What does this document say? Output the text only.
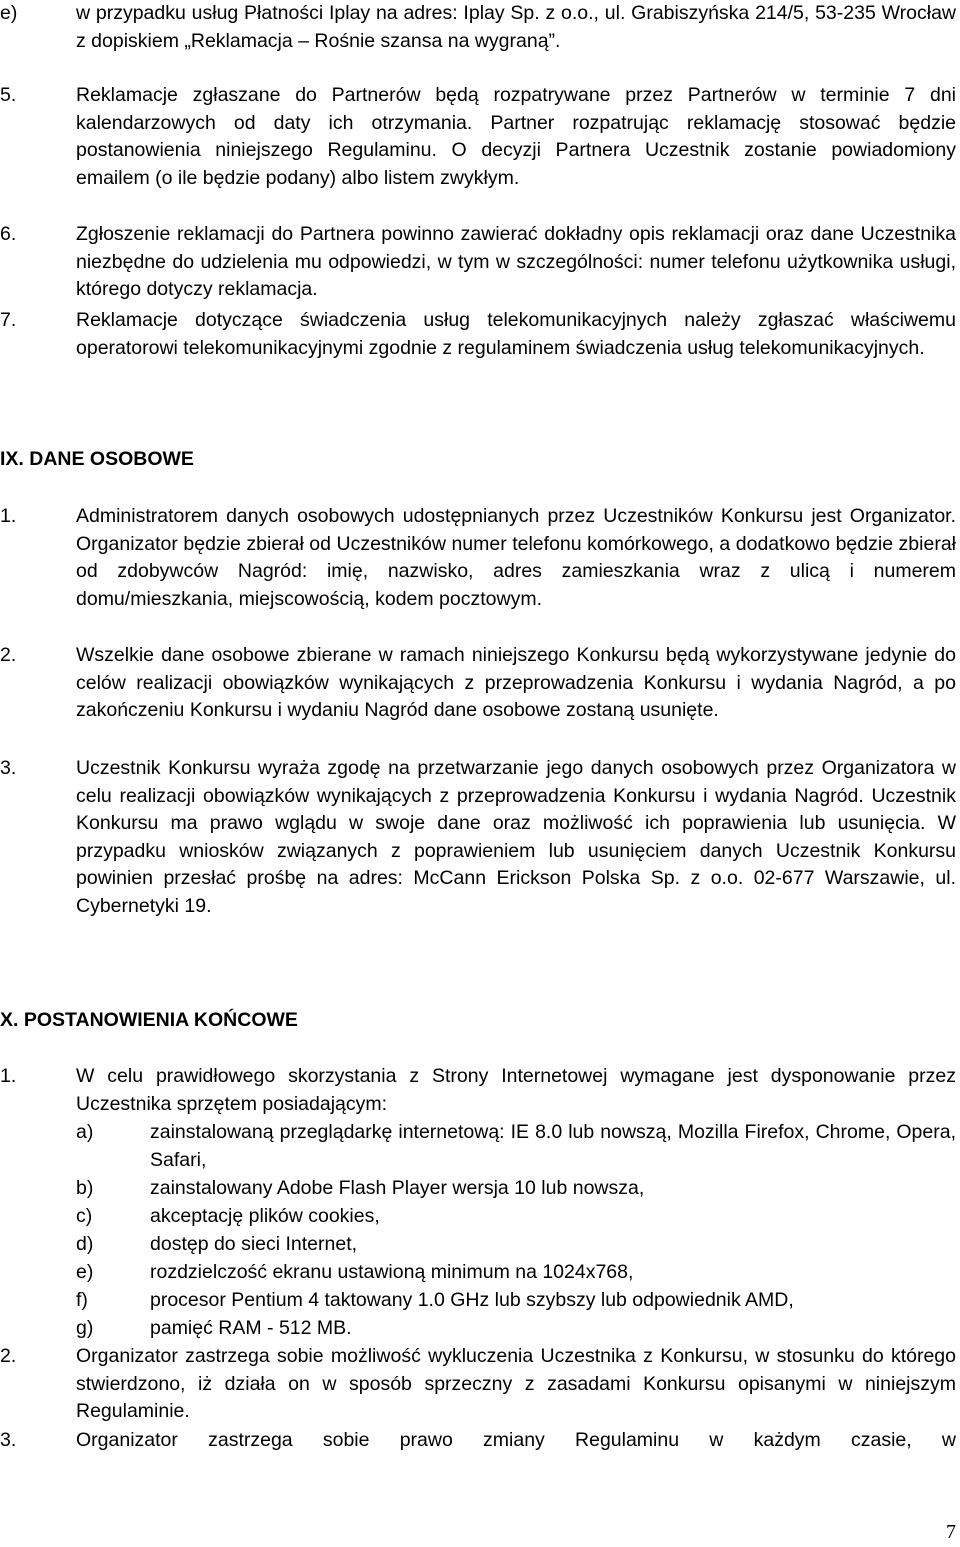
e)	w przypadku usług Płatności Iplay na adres: Iplay Sp. z o.o., ul. Grabiszyńska 214/5, 53-235 Wrocław z dopiskiem „Reklamacja – Rośnie szansa na wygraną”.
5.	Reklamacje zgłaszane do Partnerów będą rozpatrywane przez Partnerów w terminie 7 dni kalendarzowych od daty ich otrzymania. Partner rozpatrując reklamację stosować będzie postanowienia niniejszego Regulaminu. O decyzji Partnera Uczestnik zostanie powiadomiony emailem (o ile będzie podany) albo listem zwykłym.
6.	Zgłoszenie reklamacji do Partnera powinno zawierać dokładny opis reklamacji oraz dane Uczestnika niezbędne do udzielenia mu odpowiedzi, w tym w szczególności: numer telefonu użytkownika usługi, którego dotyczy reklamacja.
7.	Reklamacje dotyczące świadczenia usług telekomunikacyjnych należy zgłaszać właściwemu operatorowi telekomunikacyjnymi zgodnie z regulaminem świadczenia usług telekomunikacyjnych.
IX. DANE OSOBOWE
1.	Administratorem danych osobowych udostępnianych przez Uczestników Konkursu jest Organizator. Organizator będzie zbierał od Uczestników numer telefonu komórkowego, a dodatkowo będzie zbierał od zdobywców Nagród: imię, nazwisko, adres zamieszkania wraz z ulicą i numerem domu/mieszkania, miejscowością, kodem pocztowym.
2.	Wszelkie dane osobowe zbierane w ramach niniejszego Konkursu będą wykorzystywane jedynie do celów realizacji obowiązków wynikających z przeprowadzenia Konkursu i wydania Nagród, a po zakończeniu Konkursu i wydaniu Nagród dane osobowe zostaną usunięte.
3.	Uczestnik Konkursu wyraża zgodę na przetwarzanie jego danych osobowych przez Organizatora w celu realizacji obowiązków wynikających z przeprowadzenia Konkursu i wydania Nagród. Uczestnik Konkursu ma prawo wglądu w swoje dane oraz możliwość ich poprawienia lub usunięcia. W przypadku wniosków związanych z poprawieniem lub usunięciem danych Uczestnik Konkursu powinien przesłać prośbę na adres: McCann Erickson Polska Sp. z o.o. 02-677 Warszawie, ul. Cybernetyki 19.
X. POSTANOWIENIA KOŃCOWE
1.	W celu prawidłowego skorzystania z Strony Internetowej wymagane jest dysponowanie przez Uczestnika sprzętem posiadającym:
a)	zainstalowaną przeglądarkę internetową: IE 8.0 lub nowszą, Mozilla Firefox, Chrome, Opera, Safari,
b)	zainstalowany Adobe Flash Player wersja 10 lub nowsza,
c)	akceptację plików cookies,
d)	dostęp do sieci Internet,
e)	rozdzielczość ekranu ustawioną minimum na 1024x768,
f)	procesor Pentium 4 taktowany 1.0 GHz lub szybszy lub odpowiednik AMD,
g)	pamięć RAM - 512 MB.
2.	Organizator zastrzega sobie możliwość wykluczenia Uczestnika z Konkursu, w stosunku do którego stwierdzono, iż działa on w sposób sprzeczny z zasadami Konkursu opisanymi w niniejszym Regulaminie.
3.	Organizator zastrzega sobie prawo zmiany Regulaminu w każdym czasie, w
7
